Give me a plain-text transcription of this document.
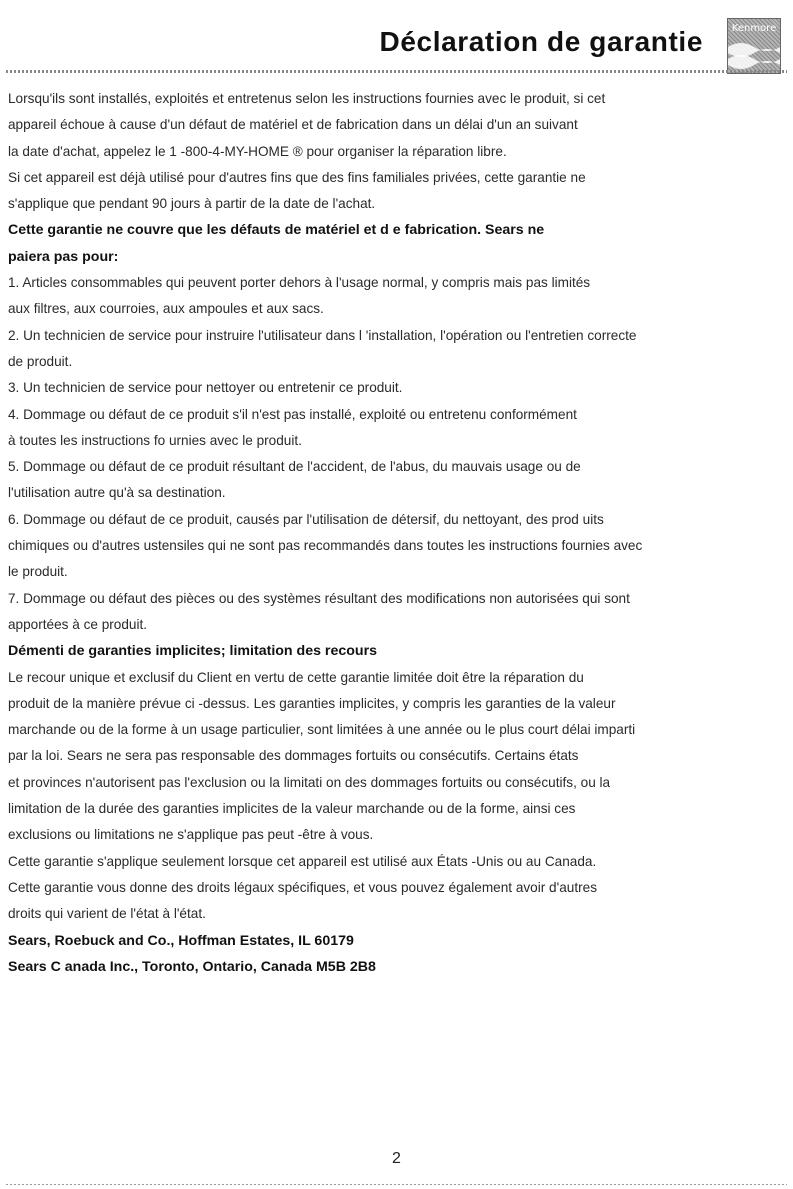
Déclaration de garantie	Kenmore

Lorsqu'ils sont installés, exploités et entretenus selon les instructions fournies avec le produit, si cet

appareil échoue à cause d'un défaut de matériel et de fabrication dans un délai d'un an suivant

la date d'achat, appelez le 1 -800-4-MY-HOME ® pour organiser la réparation libre.

Si cet appareil est déjà utilisé pour d'autres fins que des fins familiales privées, cette garantie ne

s'applique que pendant 90 jours à partir de la date de l'achat.

Cette garantie ne couvre que les défauts de matériel et d e fabrication. Sears ne

paiera pas pour:

1. Articles consommables qui peuvent porter dehors à l'usage normal, y compris mais pas limités

aux filtres, aux courroies, aux ampoules et aux sacs.

2. Un technicien de service pour instruire l'utilisateur dans l 'installation, l'opération ou l'entretien correcte

de produit.

3. Un technicien de service pour nettoyer ou entretenir ce produit.

4. Dommage ou défaut de ce produit s'il n'est pas installé, exploité ou entretenu conformément

à toutes les instructions fo urnies avec le produit.

5. Dommage ou défaut de ce produit résultant de l'accident, de l'abus, du mauvais usage ou de

l'utilisation autre qu'à sa destination.

6. Dommage ou défaut de ce produit, causés par l'utilisation de détersif, du nettoyant, des prod uits

chimiques ou d'autres ustensiles qui ne sont pas recommandés dans toutes les instructions fournies avec

le produit.

7. Dommage ou défaut des pièces ou des systèmes résultant des modifications non autorisées qui sont

apportées à ce produit.

Démenti de garanties implicites; limitation des recours

Le recour unique et exclusif du Client en vertu de cette garantie limitée doit être la réparation du

produit de la manière prévue ci -dessus. Les garanties implicites, y compris les garanties de la valeur

marchande ou de la forme à un usage particulier, sont limitées à une année ou le plus court délai imparti

par la loi. Sears ne sera pas responsable des dommages fortuits ou consécutifs. Certains états

et provinces n'autorisent pas l'exclusion ou la limitati on des dommages fortuits ou consécutifs, ou la

limitation de la durée des garanties implicites de la valeur marchande ou de la forme, ainsi ces

exclusions ou limitations ne s'applique pas peut -être à vous.

Cette garantie s'applique seulement lorsque cet appareil est utilisé aux États -Unis ou au Canada.

Cette garantie vous donne des droits légaux spécifiques, et vous pouvez également avoir d'autres

droits qui varient de l'état à l'état.

Sears, Roebuck and Co., Hoffman Estates, IL 60179

Sears C anada Inc., Toronto, Ontario, Canada M5B 2B8

2
